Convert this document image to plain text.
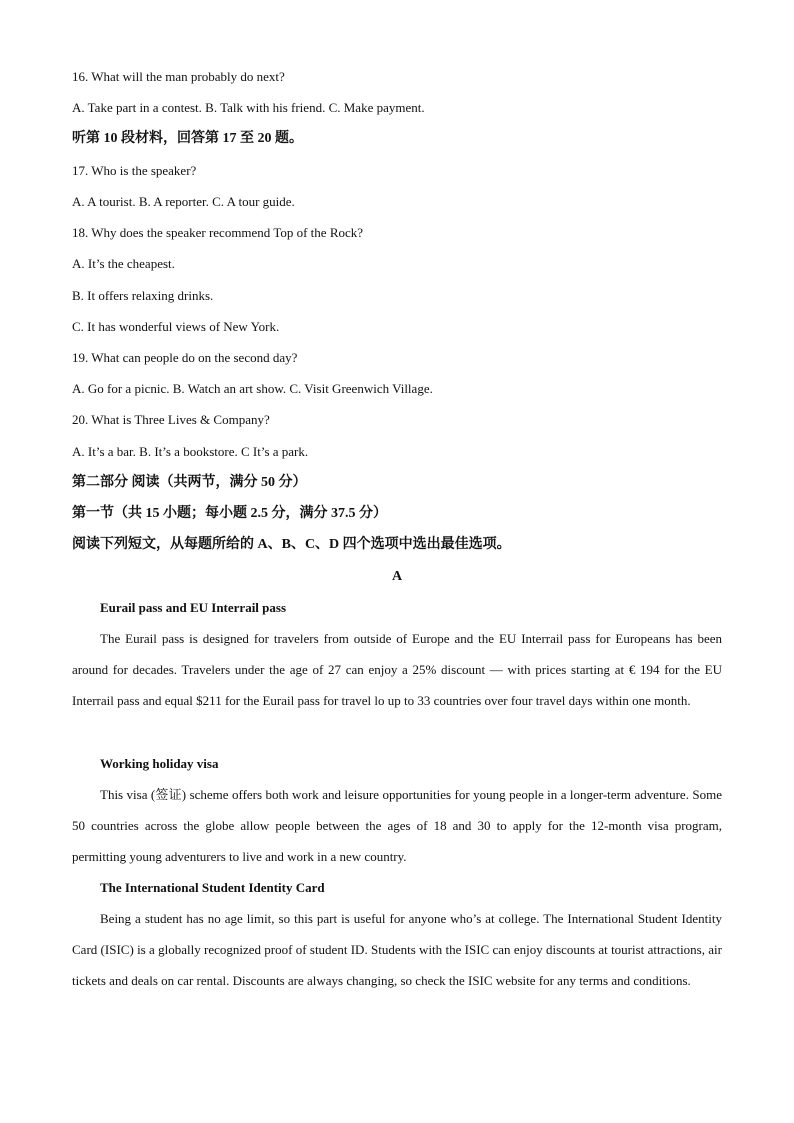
16. What will the man probably do next?
A. Take part in a contest. B. Talk with his friend. C. Make payment.
听第 10 段材料，回答第 17 至 20 题。
17. Who is the speaker?
A. A tourist. B. A reporter. C. A tour guide.
18. Why does the speaker recommend Top of the Rock?
A. It’s the cheapest.
B. It offers relaxing drinks.
C. It has wonderful views of New York.
19. What can people do on the second day?
A. Go for a picnic. B. Watch an art show. C. Visit Greenwich Village.
20. What is Three Lives & Company?
A. It’s a bar. B. It’s a bookstore. C It’s a park.
第二部分 阅读（共两节，满分 50 分）
第一节（共 15 小题；每小题 2.5 分，满分 37.5 分）
阅读下列短文，从每题所给的 A、B、C、D 四个选项中选出最佳选项。
A
Eurail pass and EU Interrail pass
The Eurail pass is designed for travelers from outside of Europe and the EU Interrail pass for Europeans has been around for decades. Travelers under the age of 27 can enjoy a 25% discount — with prices starting at € 194 for the EU Interrail pass and equal $211 for the Eurail pass for travel lo up to 33 countries over four travel days within one month.
Working holiday visa
This visa (签证) scheme offers both work and leisure opportunities for young people in a longer-term adventure. Some 50 countries across the globe allow people between the ages of 18 and 30 to apply for the 12-month visa program, permitting young adventurers to live and work in a new country.
The International Student Identity Card
Being a student has no age limit, so this part is useful for anyone who’s at college. The International Student Identity Card (ISIC) is a globally recognized proof of student ID. Students with the ISIC can enjoy discounts at tourist attractions, air tickets and deals on car rental. Discounts are always changing, so check the ISIC website for any terms and conditions.
